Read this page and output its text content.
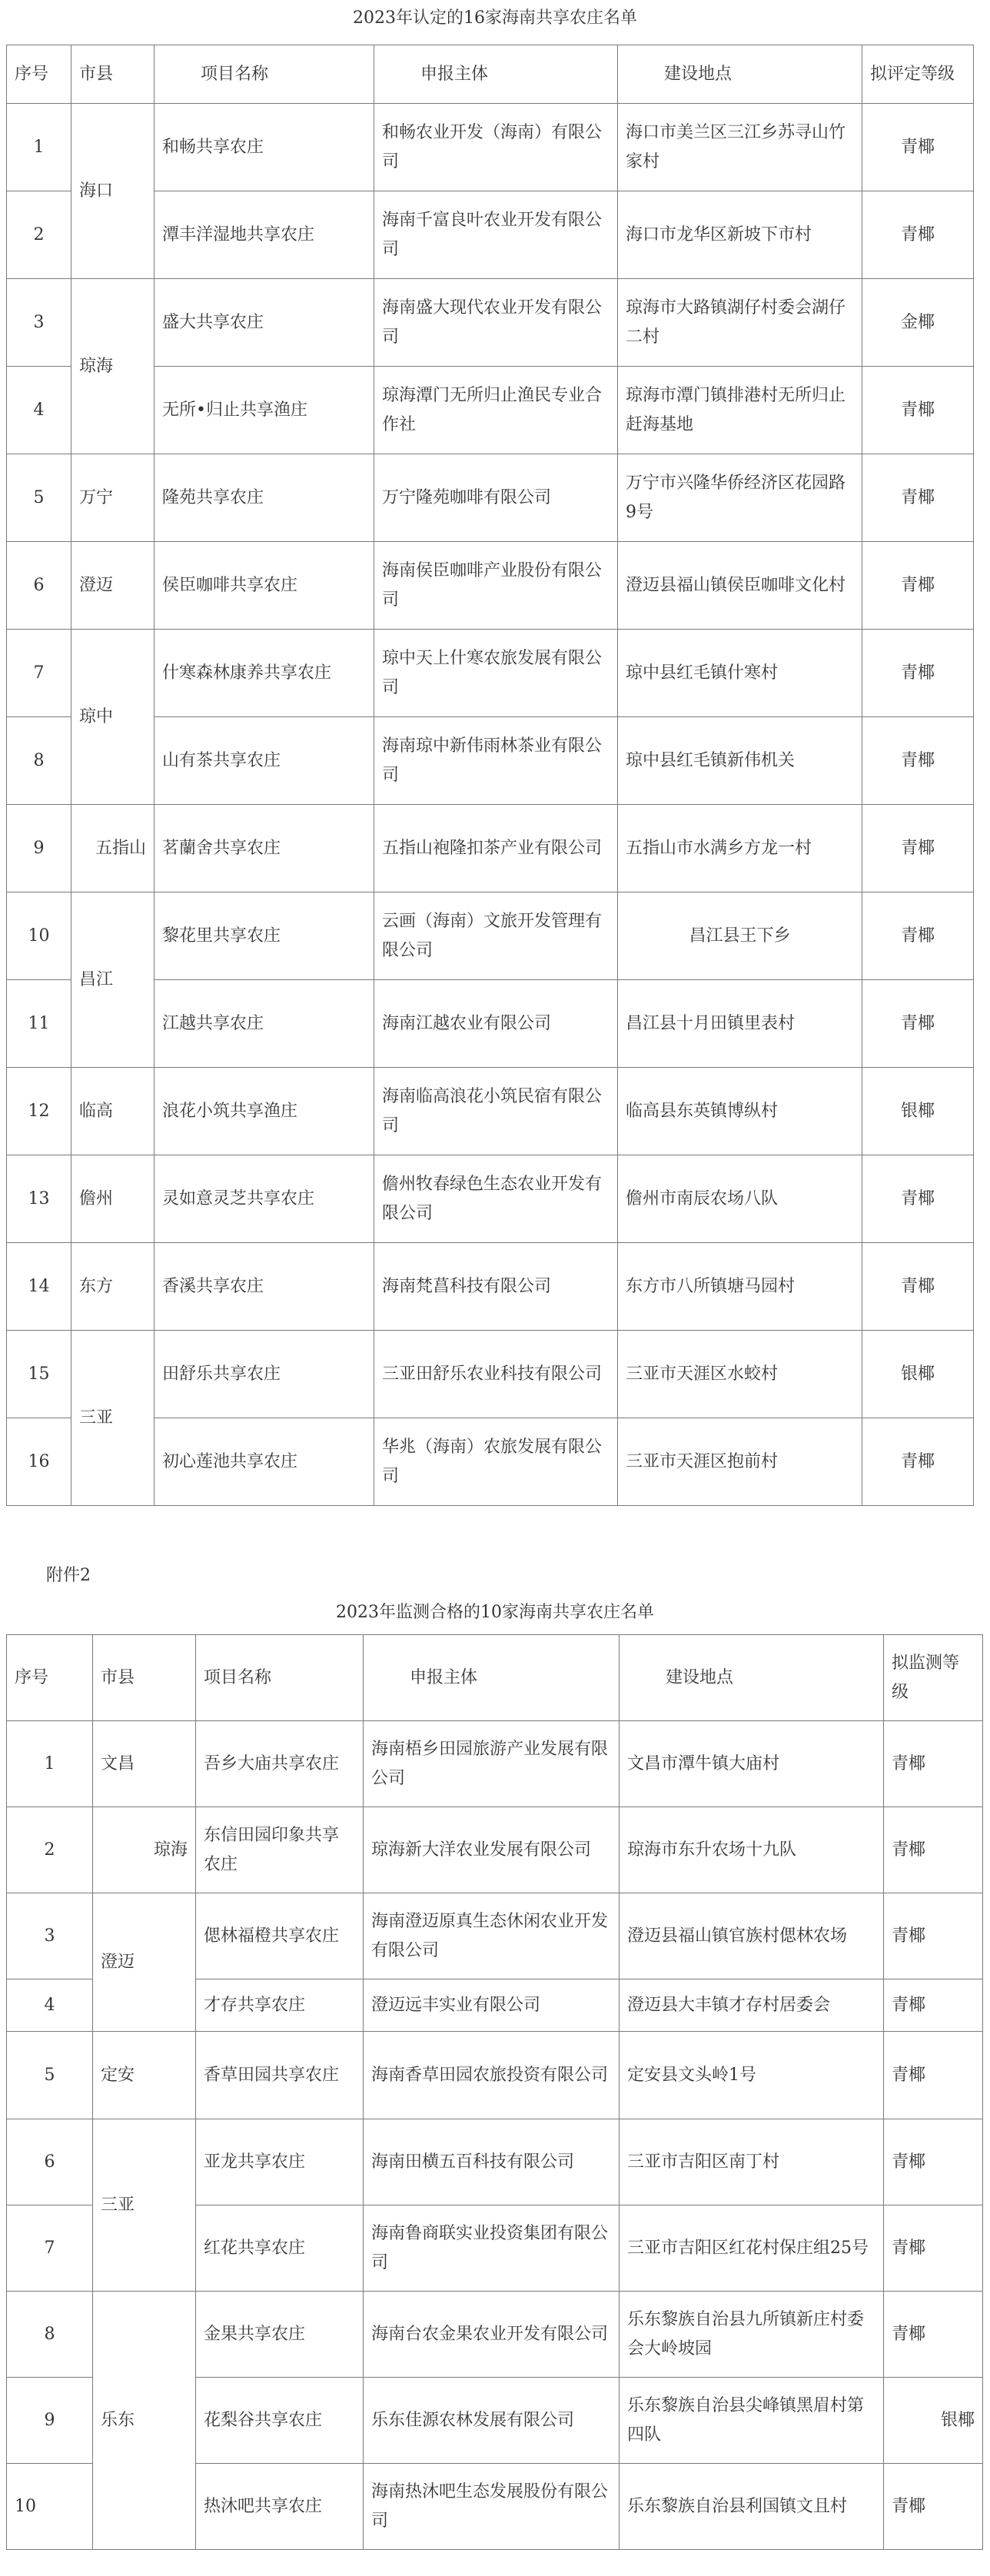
2023年认定的16家海南共享农庄名单
序号	市县	项目名称	申报主体	建设地点	拟评定等级
1	海口	和畅共享农庄	和畅农业开发（海南）有限公司	海口市美兰区三江乡苏寻山竹家村	青椰
2		潭丰洋湿地共享农庄	海南千富良叶农业开发有限公司	海口市龙华区新坡下市村	青椰
3	琼海	盛大共享农庄	海南盛大现代农业开发有限公司	琼海市大路镇湖仔村委会湖仔二村	金椰
4		无所•归止共享渔庄	琼海潭门无所归止渔民专业合作社	琼海市潭门镇排港村无所归止赶海基地	青椰
5	万宁	隆苑共享农庄	万宁隆苑咖啡有限公司	万宁市兴隆华侨经济区花园路9号	青椰
6	澄迈	侯臣咖啡共享农庄	海南侯臣咖啡产业股份有限公司	澄迈县福山镇侯臣咖啡文化村	青椰
7	琼中	什寒森林康养共享农庄	琼中天上什寒农旅发展有限公司	琼中县红毛镇什寒村	青椰
8		山有茶共享农庄	海南琼中新伟雨林茶业有限公司	琼中县红毛镇新伟机关	青椰
9	五指山	茗蘭舍共享农庄	五指山袍隆扣茶产业有限公司	五指山市水满乡方龙一村	青椰
10	昌江	黎花里共享农庄	云画（海南）文旅开发管理有限公司	昌江县王下乡	青椰
11		江越共享农庄	海南江越农业有限公司	昌江县十月田镇里表村	青椰
12	临高	浪花小筑共享渔庄	海南临高浪花小筑民宿有限公司	临高县东英镇博纵村	银椰
13	儋州	灵如意灵芝共享农庄	儋州牧春绿色生态农业开发有限公司	儋州市南辰农场八队	青椰
14	东方	香溪共享农庄	海南梵菖科技有限公司	东方市八所镇塘马园村	青椰
15	三亚	田舒乐共享农庄	三亚田舒乐农业科技有限公司	三亚市天涯区水蛟村	银椰
16		初心莲池共享农庄	华兆（海南）农旅发展有限公司	三亚市天涯区抱前村	青椰
附件2
2023年监测合格的10家海南共享农庄名单
序号	市县	项目名称	申报主体	建设地点	拟监测等级
1	文昌	吾乡大庙共享农庄	海南梧乡田园旅游产业发展有限公司	文昌市潭牛镇大庙村	青椰
2	琼海	东信田园印象共享农庄	琼海新大洋农业发展有限公司	琼海市东升农场十九队	青椰
3	澄迈	偲林福橙共享农庄	海南澄迈原真生态休闲农业开发有限公司	澄迈县福山镇官族村偲林农场	青椰
4		才存共享农庄	澄迈远丰实业有限公司	澄迈县大丰镇才存村居委会	青椰
5	定安	香草田园共享农庄	海南香草田园农旅投资有限公司	定安县文头岭1号	青椰
6	三亚	亚龙共享农庄	海南田横五百科技有限公司	三亚市吉阳区南丁村	青椰
7		红花共享农庄	海南鲁商联实业投资集团有限公司	三亚市吉阳区红花村保庄组25号	青椰
8	乐东	金果共享农庄	海南台农金果农业开发有限公司	乐东黎族自治县九所镇新庄村委会大岭坡园	青椰
9		花梨谷共享农庄	乐东佳源农林发展有限公司	乐东黎族自治县尖峰镇黑眉村第四队	银椰
10		热沐吧共享农庄	海南热沐吧生态发展股份有限公司	乐东黎族自治县利国镇文且村	青椰
